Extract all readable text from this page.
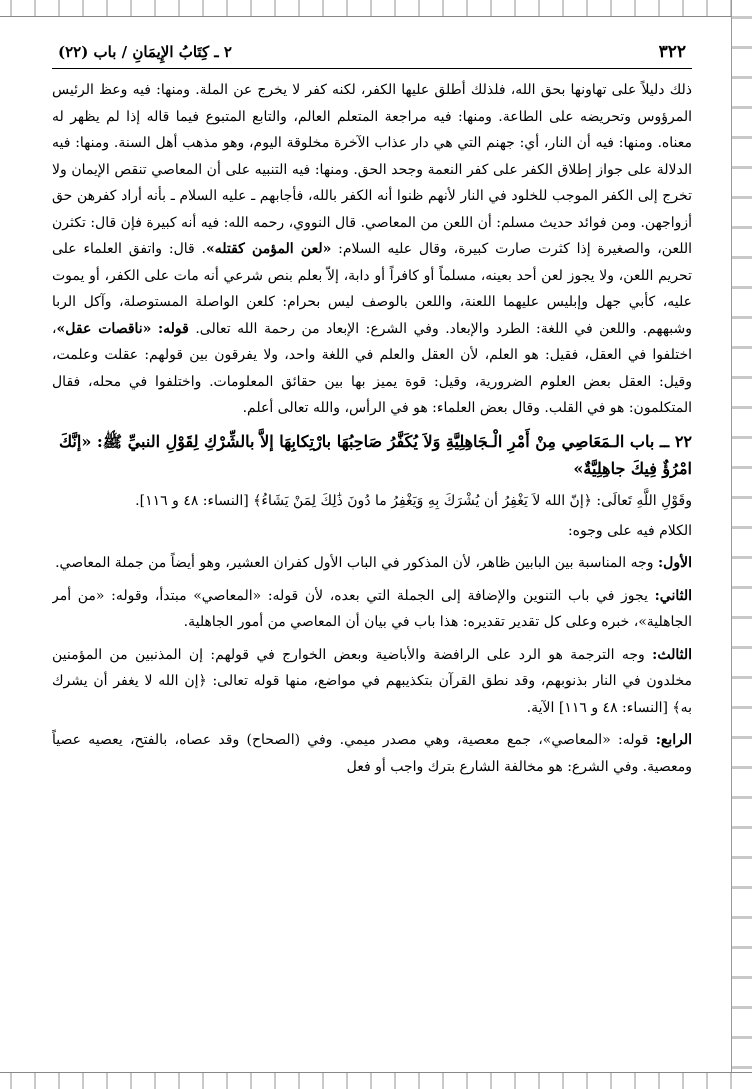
٣٢٢
٢ ـ كِتَابُ الإِيمَانِ / باب (٢٢)

ذلك دليلاً على تهاونها بحق الله، فلذلك أطلق عليها الكفر، لكنه كفر لا يخرج عن الملة. ومنها: فيه وعظ الرئيس المرؤوس وتحريضه على الطاعة. ومنها: فيه مراجعة المتعلم العالم، والتابع المتبوع فيما قاله إذا لم يظهر له معناه. ومنها: فيه أن النار، أي: جهنم التي هي دار عذاب الآخرة مخلوقة اليوم، وهو مذهب أهل السنة. ومنها: فيه الدلالة على جواز إطلاق الكفر على كفر النعمة وجحد الحق. ومنها: فيه التنبيه على أن المعاصي تنقص الإيمان ولا تخرج إلى الكفر الموجب للخلود في النار لأنهم ظنوا أنه الكفر بالله، فأجابهم ـ عليه السلام ـ بأنه أراد كفرهن حق أزواجهن. ومن فوائد حديث مسلم: أن اللعن من المعاصي. قال النووي، رحمه الله: فيه أنه كبيرة فإن قال: تكثرن اللعن، والصغيرة إذا كثرت صارت كبيرة، وقال عليه السلام: «لعن المؤمن كقتله». قال: واتفق العلماء على تحريم اللعن، ولا يجوز لعن أحد بعينه، مسلماً أو كافراً أو دابة، إلاّ بعلم بنص شرعي أنه مات على الكفر، أو يموت عليه، كأبي جهل وإبليس عليهما اللعنة، واللعن بالوصف ليس بحرام: كلعن الواصلة المستوصلة، وآكل الربا وشبههم. واللعن في اللغة: الطرد والإبعاد. وفي الشرع: الإبعاد من رحمة الله تعالى. قوله: «ناقصات عقل»، اختلفوا في العقل، فقيل: هو العلم، لأن العقل والعلم في اللغة واحد، ولا يفرقون بين قولهم: عقلت وعلمت، وقيل: العقل بعض العلوم الضرورية، وقيل: قوة يميز بها بين حقائق المعلومات. واختلفوا في محله، فقال المتكلمون: هو في القلب. وقال بعض العلماء: هو في الرأس، والله تعالى أعلم.

٢٢ ــ باب الـمَعَاصِي مِنْ أَمْرِ الْـجَاهِلِيَّةِ وَلاَ يُكَفَّرُ صَاحِبُهَا بارْتِكابِهَا إلاَّ بالشِّرْكِ لِقَوْلِ النبيِّ ﷺ: «إنَّكَ امْرُؤٌ فِيكَ جاهِلِيَّةٌ»

وقَوْلِ اللَّهِ تَعالَى: ﴿إنّ الله لاَ يَغْفِرُ أن يُشْرَكَ بِهِ وَيَغْفِرُ ما دُونَ ذَٰلِكَ لِمَنْ يَشَاءُ﴾ [النساء: ٤٨ و ١١٦].

الكلام فيه على وجوه:

الأول: وجه المناسبة بين البابين ظاهر، لأن المذكور في الباب الأول كفران العشير، وهو أيضاً من جملة المعاصي.

الثاني: يجوز في باب التنوين والإضافة إلى الجملة التي بعده، لأن قوله: «المعاصي» مبتدأ، وقوله: «من أمر الجاهلية»، خبره وعلى كل تقدير تقديره: هذا باب في بيان أن المعاصي من أمور الجاهلية.

الثالث: وجه الترجمة هو الرد على الرافضة والأباضية وبعض الخوارج في قولهم: إن المذنبين من المؤمنين مخلدون في النار بذنوبهم، وقد نطق القرآن بتكذيبهم في مواضع، منها قوله تعالى: ﴿إن الله لا يغفر أن يشرك به﴾ [النساء: ٤٨ و ١١٦] الآية.

الرابع: قوله: «المعاصي»، جمع معصية، وهي مصدر ميمي. وفي (الصحاح) وقد عصاه، بالفتح، يعصيه عصياً ومعصية. وفي الشرع: هو مخالفة الشارع بترك واجب أو فعل
